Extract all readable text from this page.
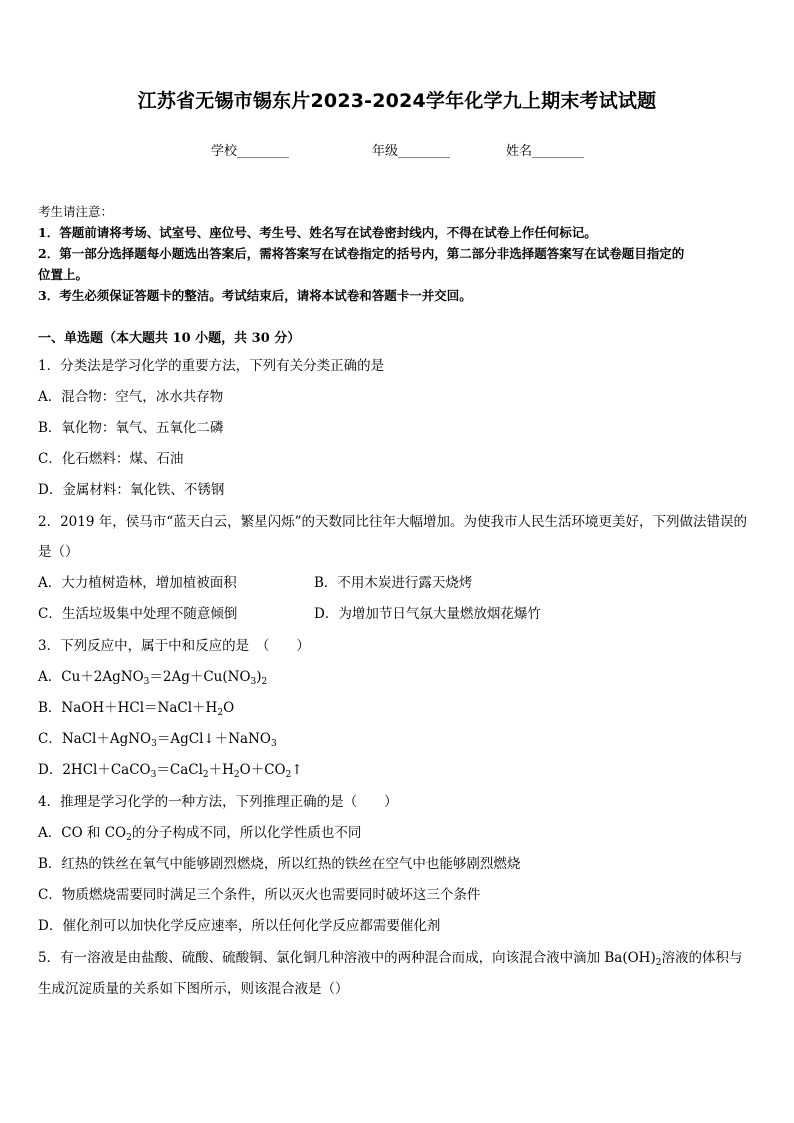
江苏省无锡市锡东片2023-2024学年化学九上期末考试试题
学校________	年级________	姓名________
考生请注意：
1．答题前请将考场、试室号、座位号、考生号、姓名写在试卷密封线内，不得在试卷上作任何标记。
2．第一部分选择题每小题选出答案后，需将答案写在试卷指定的括号内，第二部分非选择题答案写在试卷题目指定的
位置上。
3．考生必须保证答题卡的整洁。考试结束后，请将本试卷和答题卡一并交回。
一、单选题（本大题共 10 小题，共 30 分）
1．分类法是学习化学的重要方法，下列有关分类正确的是
A．混合物：空气，冰水共存物
B．氧化物：氧气、五氧化二磷
C．化石燃料：煤、石油
D．金属材料：氧化铁、不锈钢
2．2019 年，侯马市“蓝天白云，繁星闪烁”的天数同比往年大幅增加。为使我市人民生活环境更美好，下列做法错误的
是（）
A．大力植树造林，增加植被面积	B．不用木炭进行露天烧烤
C．生活垃圾集中处理不随意倾倒	D．为增加节日气氛大量燃放烟花爆竹
3．下列反应中，属于中和反应的是　（　　）
A．$Cu+2AgNO_3=2Ag+Cu(NO_3)_2$
B．$NaOH+HCl=NaCl+H_2O$
C．NaCl＋AgNO$_3$＝AgCl↓＋NaNO$_3$
D．$2HCl+CaCO_3=CaCl_2+H_2O+CO_2↑$
4．推理是学习化学的一种方法，下列推理正确的是（　　）
A．CO 和 $CO_2$的分子构成不同，所以化学性质也不同
B．红热的铁丝在氧气中能够剧烈燃烧，所以红热的铁丝在空气中也能够剧烈燃烧
C．物质燃烧需要同时满足三个条件，所以灭火也需要同时破坏这三个条件
D．催化剂可以加快化学反应速率，所以任何化学反应都需要催化剂
5．有一溶液是由盐酸、硫酸、硫酸铜、氯化铜几种溶液中的两种混合而成，向该混合液中滴加 $Ba(OH)_2$溶液的体积与
生成沉淀质量的关系如下图所示，则该混合液是（）
